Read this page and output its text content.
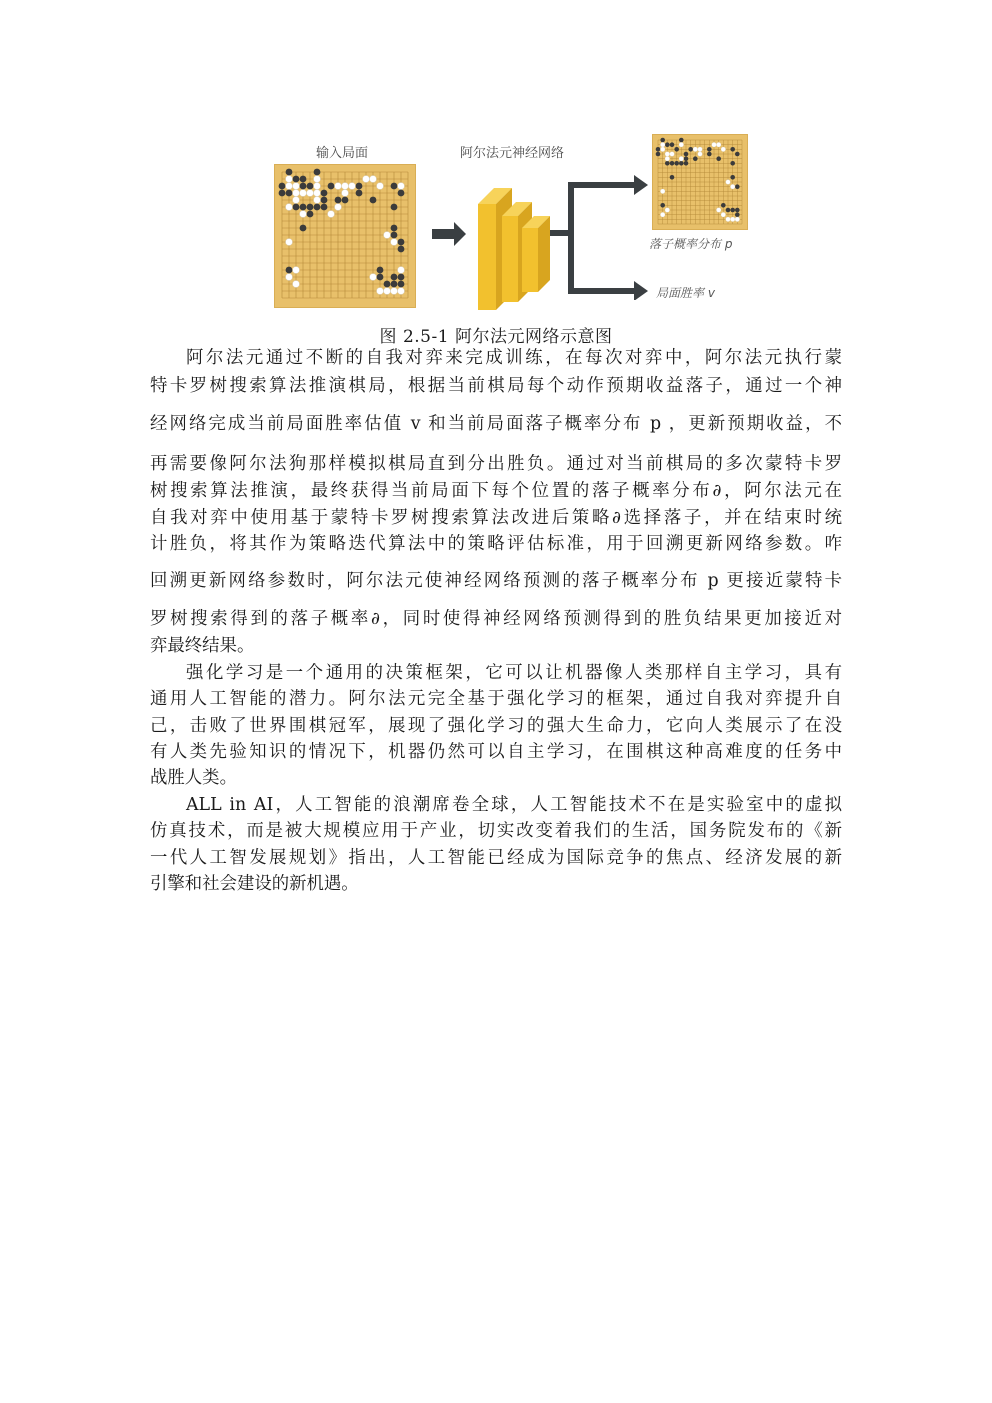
输入局面	阿尔法元神经网络
落子概率分布 p
局面胜率 v
图 2.5-1 阿尔法元网络示意图
阿尔法元通过不断的自我对弈来完成训练，在每次对弈中，阿尔法元执行蒙
特卡罗树搜索算法推演棋局，根据当前棋局每个动作预期收益落子，通过一个神
经网络完成当前局面胜率估值 v 和当前局面落子概率分布 p ，更新预期收益，不
再需要像阿尔法狗那样模拟棋局直到分出胜负。通过对当前棋局的多次蒙特卡罗
树搜索算法推演，最终获得当前局面下每个位置的落子概率分布∂，阿尔法元在
自我对弈中使用基于蒙特卡罗树搜索算法改进后策略∂选择落子，并在结束时统
计胜负，将其作为策略迭代算法中的策略评估标准，用于回溯更新网络参数。咋
回溯更新网络参数时，阿尔法元使神经网络预测的落子概率分布 p 更接近蒙特卡
罗树搜索得到的落子概率∂，同时使得神经网络预测得到的胜负结果更加接近对
弈最终结果。
强化学习是一个通用的决策框架，它可以让机器像人类那样自主学习，具有
通用人工智能的潜力。阿尔法元完全基于强化学习的框架，通过自我对弈提升自
己，击败了世界围棋冠军，展现了强化学习的强大生命力，它向人类展示了在没
有人类先验知识的情况下，机器仍然可以自主学习，在围棋这种高难度的任务中
战胜人类。
ALL in AI，人工智能的浪潮席卷全球，人工智能技术不在是实验室中的虚拟
仿真技术，而是被大规模应用于产业，切实改变着我们的生活，国务院发布的《新
一代人工智发展规划》指出，人工智能已经成为国际竞争的焦点、经济发展的新
引擎和社会建设的新机遇。
